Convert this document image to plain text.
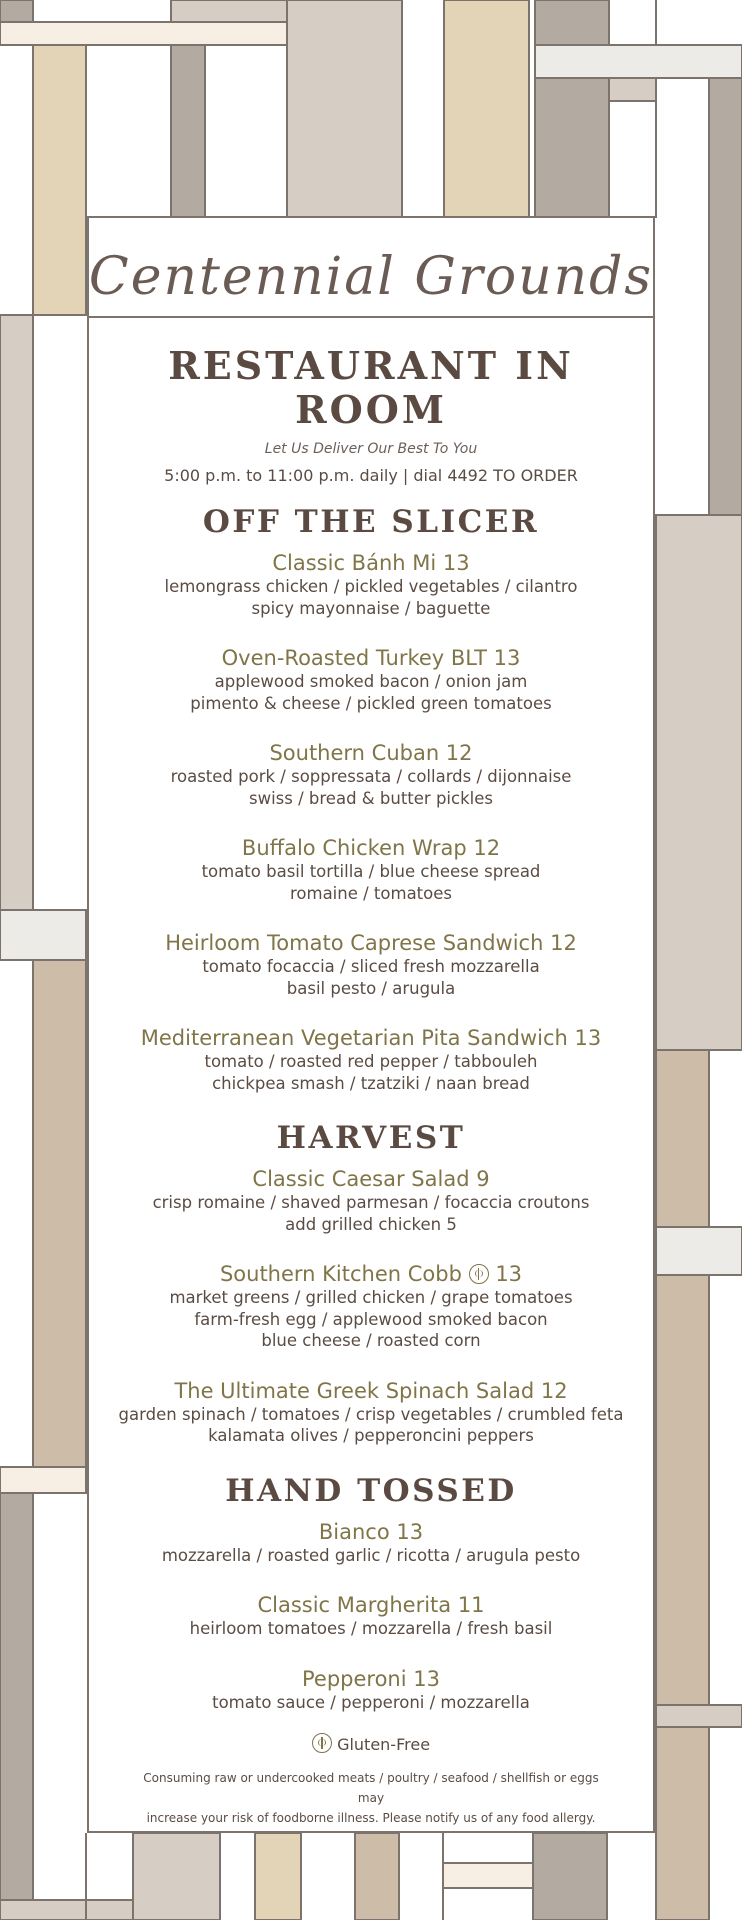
Centennial Grounds
RESTAURANT IN ROOM
Let Us Deliver Our Best To You
5:00 p.m. to 11:00 p.m. daily | dial 4492 TO ORDER
OFF THE SLICER
Classic Bánh Mi 13
lemongrass chicken / pickled vegetables / cilantro
spicy mayonnaise / baguette
Oven-Roasted Turkey BLT 13
applewood smoked bacon / onion jam
pimento & cheese / pickled green tomatoes
Southern Cuban 12
roasted pork / soppressata / collards / dijonnaise
swiss / bread & butter pickles
Buffalo Chicken Wrap 12
tomato basil tortilla / blue cheese spread
romaine / tomatoes
Heirloom Tomato Caprese Sandwich 12
tomato focaccia / sliced fresh mozzarella
basil pesto / arugula
Mediterranean Vegetarian Pita Sandwich 13
tomato / roasted red pepper / tabbouleh
chickpea smash / tzatziki / naan bread
HARVEST
Classic Caesar Salad 9
crisp romaine / shaved parmesan / focaccia croutons
add grilled chicken 5
Southern Kitchen Cobb 13
market greens / grilled chicken / grape tomatoes
farm-fresh egg / applewood smoked bacon
blue cheese / roasted corn
The Ultimate Greek Spinach Salad 12
garden spinach / tomatoes / crisp vegetables / crumbled feta
kalamata olives / pepperoncini peppers
HAND TOSSED
Bianco 13
mozzarella / roasted garlic / ricotta / arugula pesto
Classic Margherita 11
heirloom tomatoes / mozzarella / fresh basil
Pepperoni 13
tomato sauce / pepperoni / mozzarella
Gluten-Free
Consuming raw or undercooked meats / poultry / seafood / shellfish or eggs may
increase your risk of foodborne illness. Please notify us of any food allergy.
